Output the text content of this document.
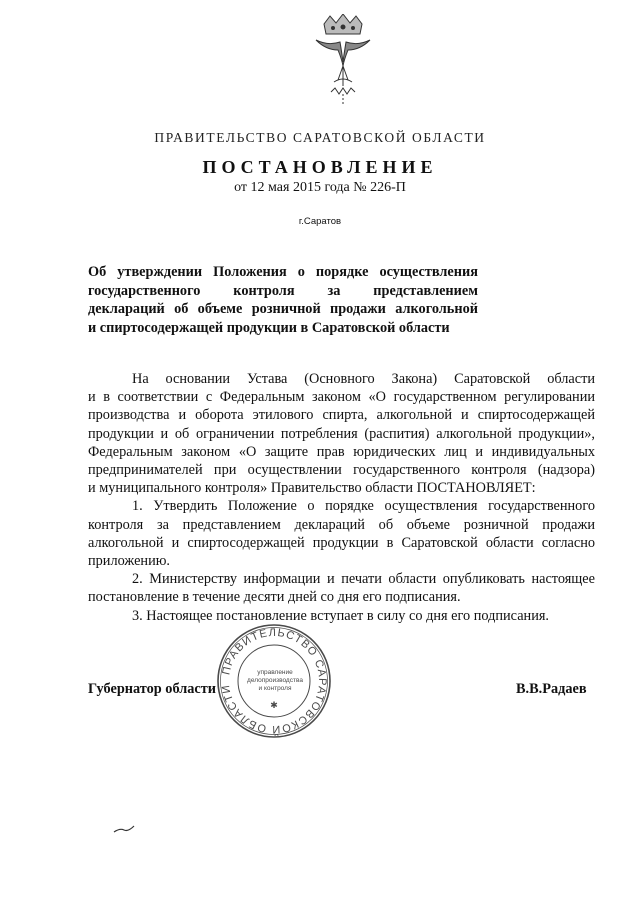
ПРАВИТЕЛЬСТВО САРАТОВСКОЙ ОБЛАСТИ
ПОСТАНОВЛЕНИЕ
от 12 мая 2015 года № 226-П
г.Саратов
Об утверждении Положения о порядке осуществления
государственного контроля за представлением
деклараций об объеме розничной продажи алкогольной
и спиртосодержащей продукции в Саратовской области
На основании Устава (Основного Закона) Саратовской области
и в соответствии с Федеральным законом «О государственном регулировании
производства и оборота этилового спирта, алкогольной и спиртосодержащей
продукции и об ограничении потребления (распития) алкогольной продукции»,
Федеральным законом «О защите прав юридических лиц и индивидуальных
предпринимателей при осуществлении государственного контроля (надзора)
и муниципального контроля» Правительство области ПОСТАНОВЛЯЕТ:
1. Утвердить Положение о порядке осуществления государственного
контроля за представлением деклараций об объеме розничной продажи
алкогольной и спиртосодержащей продукции в Саратовской области согласно
приложению.
2. Министерству информации и печати области опубликовать настоящее
постановление в течение десяти дней со дня его подписания.
3. Настоящее постановление вступает в силу со дня его подписания.
Губернатор области	В.В.Радаев
ПРАВИТЕЛЬСТВО САРАТОВСКОЙ ОБЛАСТИ
✱
управление
делопроизводства
и контроля
